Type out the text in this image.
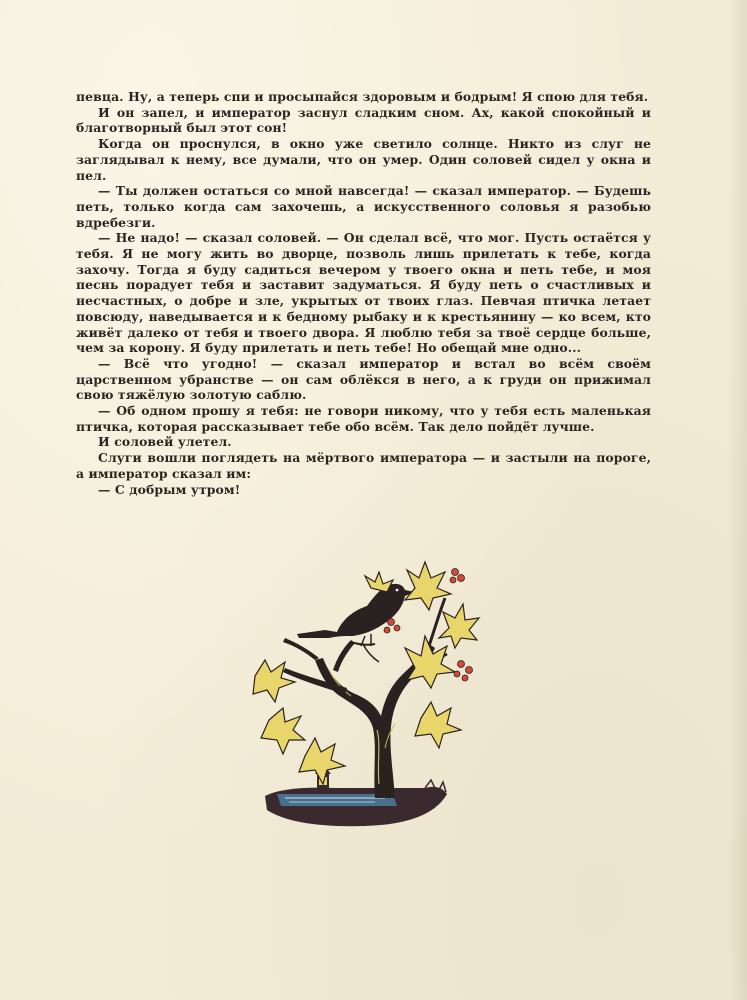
певца. Ну, а теперь спи и просыпайся здоровым и бодрым! Я спою для тебя.

И он запел, и император заснул сладким сном. Ах, какой спокойный и благотворный был этот сон!

Когда он проснулся, в окно уже светило солнце. Никто из слуг не заглядывал к нему, все думали, что он умер. Один соловей сидел у окна и пел.

— Ты должен остаться со мной навсегда! — сказал император. — Будешь петь, только когда сам захочешь, а искусственного соловья я разобью вдребезги.

— Не надо! — сказал соловей. — Он сделал всё, что мог. Пусть остаётся у тебя. Я не могу жить во дворце, позволь лишь прилетать к тебе, когда захочу. Тогда я буду садиться вечером у твоего окна и петь тебе, и моя песнь порадует тебя и заставит задуматься. Я буду петь о счастливых и несчастных, о добре и зле, укрытых от твоих глаз. Певчая птичка летает повсюду, наведывается и к бедному рыбаку и к крестьянину — ко всем, кто живёт далеко от тебя и твоего двора. Я люблю тебя за твоё сердце больше, чем за корону. Я буду прилетать и петь тебе! Но обещай мне одно...

— Всё что угодно! — сказал император и встал во всём своём царственном убранстве — он сам облёкся в него, а к груди он прижимал свою тяжёлую золотую саблю.

— Об одном прошу я тебя: не говори никому, что у тебя есть маленькая птичка, которая рассказывает тебе обо всём. Так дело пойдёт лучше.

И соловей улетел.

Слуги вошли поглядеть на мёртвого императора — и застыли на пороге, а император сказал им:

— С добрым утром!
